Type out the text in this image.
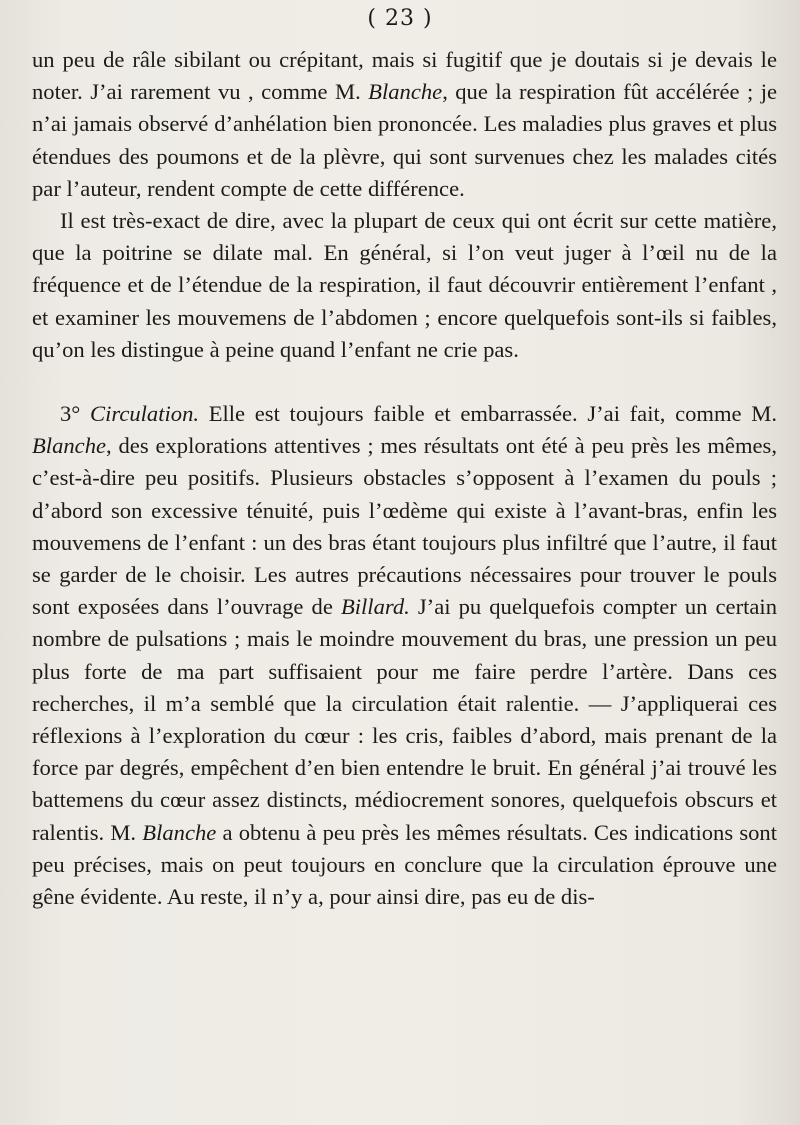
( 23 )

un peu de râle sibilant ou crépitant, mais si fugitif que je doutais si je devais le noter. J’ai rarement vu , comme M. Blanche, que la respiration fût accélérée ; je n’ai jamais observé d’anhélation bien prononcée. Les maladies plus graves et plus étendues des poumons et de la plèvre, qui sont survenues chez les malades cités par l’auteur, rendent compte de cette différence.

Il est très-exact de dire, avec la plupart de ceux qui ont écrit sur cette matière, que la poitrine se dilate mal. En général, si l’on veut juger à l’œil nu de la fréquence et de l’étendue de la respiration, il faut découvrir entièrement l’enfant , et examiner les mouvemens de l’abdomen ; encore quelquefois sont-ils si faibles, qu’on les distingue à peine quand l’enfant ne crie pas.

3° Circulation. Elle est toujours faible et embarrassée. J’ai fait, comme M. Blanche, des explorations attentives ; mes résultats ont été à peu près les mêmes, c’est-à-dire peu positifs. Plusieurs obstacles s’opposent à l’examen du pouls ; d’abord son excessive ténuité, puis l’œdème qui existe à l’avant-bras, enfin les mouvemens de l’enfant : un des bras étant toujours plus infiltré que l’autre, il faut se garder de le choisir. Les autres précautions nécessaires pour trouver le pouls sont exposées dans l’ouvrage de Billard. J’ai pu quelquefois compter un certain nombre de pulsations ; mais le moindre mouvement du bras, une pression un peu plus forte de ma part suffisaient pour me faire perdre l’artère. Dans ces recherches, il m’a semblé que la circulation était ralentie. — J’appliquerai ces réflexions à l’exploration du cœur : les cris, faibles d’abord, mais prenant de la force par degrés, empêchent d’en bien entendre le bruit. En général j’ai trouvé les battemens du cœur assez distincts, médiocrement sonores, quelquefois obscurs et ralentis. M. Blanche a obtenu à peu près les mêmes résultats. Ces indications sont peu précises, mais on peut toujours en conclure que la circulation éprouve une gêne évidente. Au reste, il n’y a, pour ainsi dire, pas eu de dis-
